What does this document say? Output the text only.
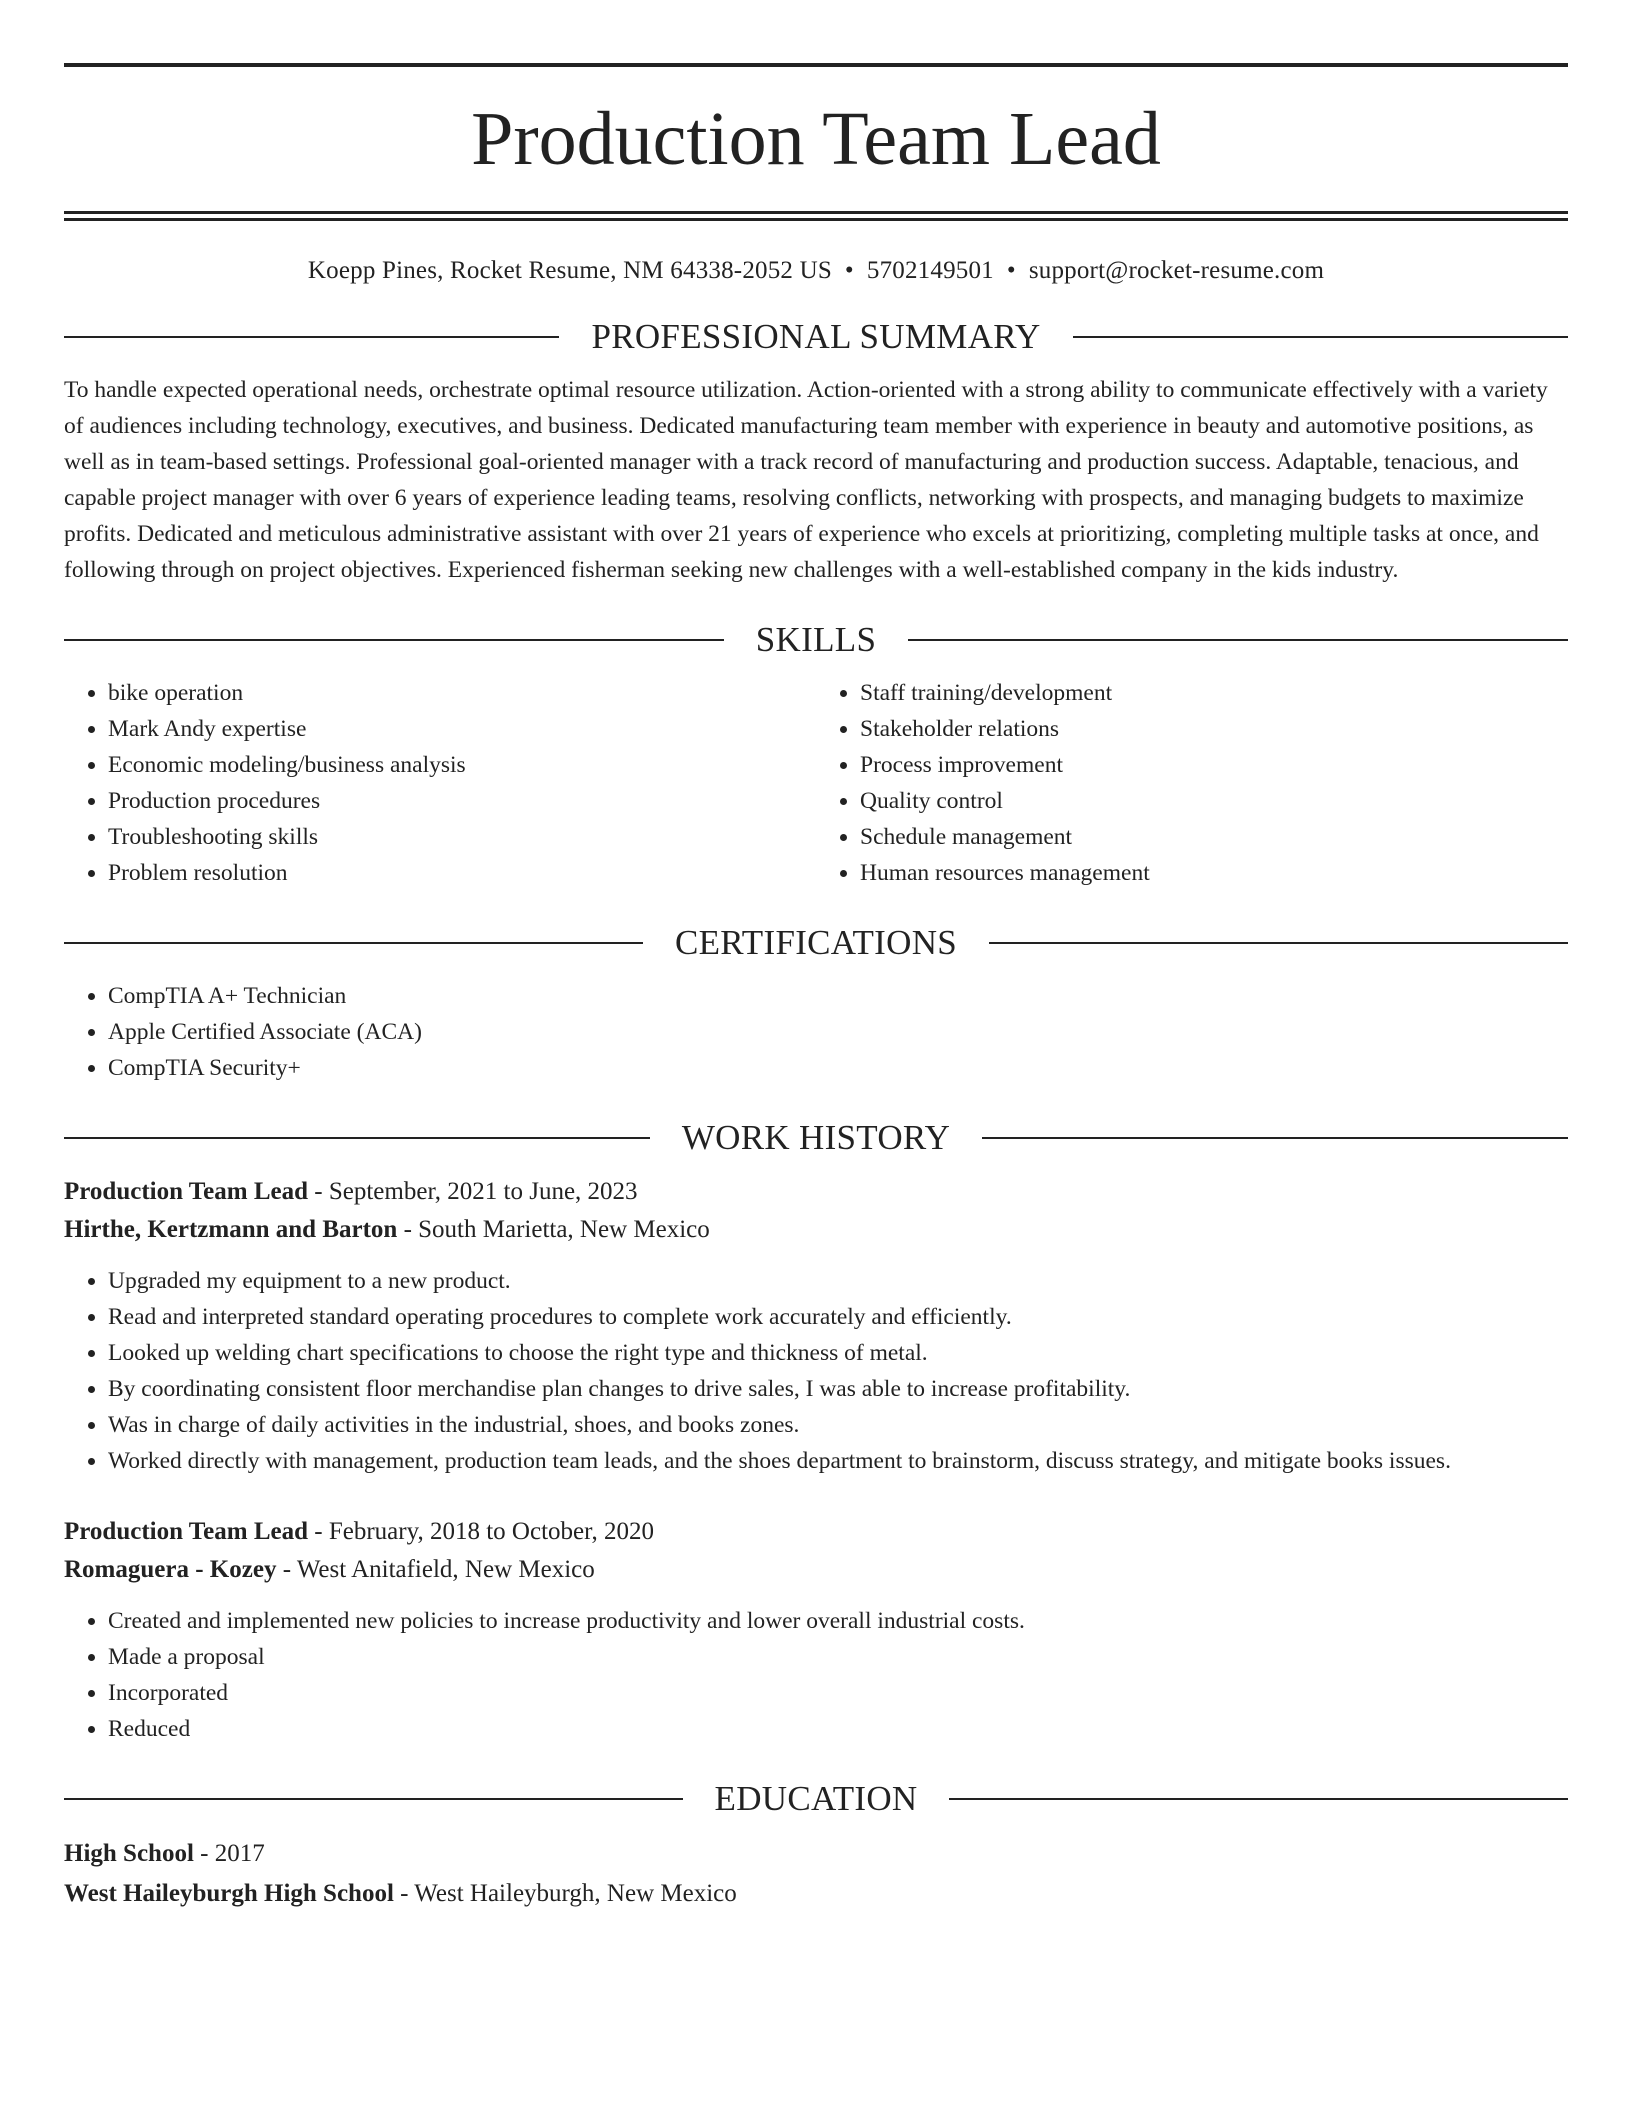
Production Team Lead
Koepp Pines, Rocket Resume, NM 64338-2052 US • 5702149501 • support@rocket-resume.com
PROFESSIONAL SUMMARY

To handle expected operational needs, orchestrate optimal resource utilization. Action-oriented with a strong ability to communicate effectively with a variety of audiences including technology, executives, and business. Dedicated manufacturing team member with experience in beauty and automotive positions, as well as in team-based settings. Professional goal-oriented manager with a track record of manufacturing and production success. Adaptable, tenacious, and capable project manager with over 6 years of experience leading teams, resolving conflicts, networking with prospects, and managing budgets to maximize profits. Dedicated and meticulous administrative assistant with over 21 years of experience who excels at prioritizing, completing multiple tasks at once, and following through on project objectives. Experienced fisherman seeking new challenges with a well-established company in the kids industry.

SKILLS
• bike operation
• Mark Andy expertise
• Economic modeling/business analysis
• Production procedures
• Troubleshooting skills
• Problem resolution
• Staff training/development
• Stakeholder relations
• Process improvement
• Quality control
• Schedule management
• Human resources management
CERTIFICATIONS
• CompTIA A+ Technician
• Apple Certified Associate (ACA)
• CompTIA Security+
WORK HISTORY
Production Team Lead - September, 2021 to June, 2023
Hirthe, Kertzmann and Barton - South Marietta, New Mexico
• Upgraded my equipment to a new product.
• Read and interpreted standard operating procedures to complete work accurately and efficiently.
• Looked up welding chart specifications to choose the right type and thickness of metal.
• By coordinating consistent floor merchandise plan changes to drive sales, I was able to increase profitability.
• Was in charge of daily activities in the industrial, shoes, and books zones.
• Worked directly with management, production team leads, and the shoes department to brainstorm, discuss strategy, and mitigate books issues.
Production Team Lead - February, 2018 to October, 2020
Romaguera - Kozey - West Anitafield, New Mexico
• Created and implemented new policies to increase productivity and lower overall industrial costs.
• Made a proposal
• Incorporated
• Reduced
EDUCATION
High School - 2017
West Haileyburgh High School - West Haileyburgh, New Mexico
